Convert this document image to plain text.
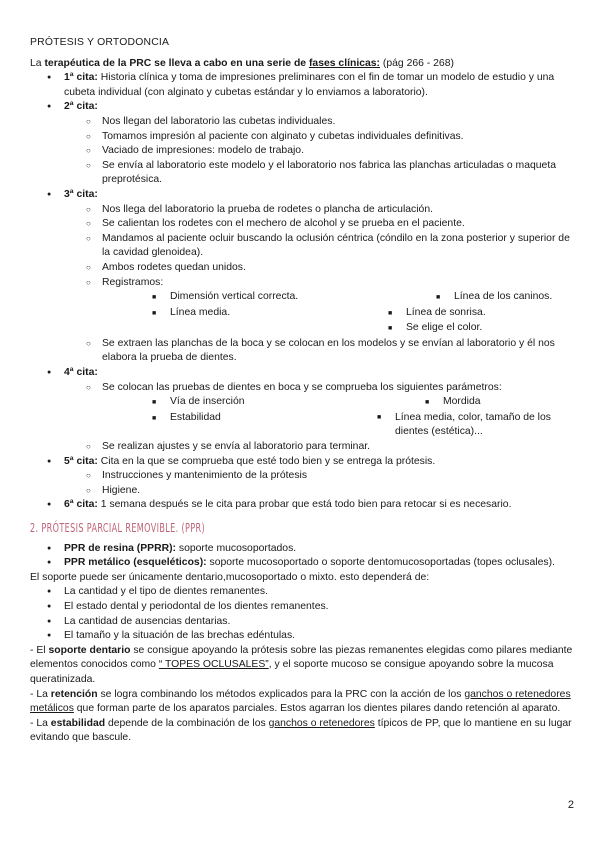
PRÓTESIS Y ORTODONCIA

La terapéutica de la PRC se lleva a cabo en una serie de fases clínicas: (pág 266 - 268)

● 1ª cita: Historia clínica y toma de impresiones preliminares con el fin de tomar un modelo de estudio y una cubeta individual (con alginato y cubetas estándar y lo enviamos a laboratorio).
● 2ª cita:
○ Nos llegan del laboratorio las cubetas individuales.
○ Tomamos impresión al paciente con alginato y cubetas individuales definitivas.
○ Vaciado de impresiones: modelo de trabajo.
○ Se envía al laboratorio este modelo y el laboratorio nos fabrica las planchas articuladas o maqueta preprotésica.
● 3ª cita:
○ Nos llega del laboratorio la prueba de rodetes o plancha de articulación.
○ Se calientan los rodetes con el mechero de alcohol y se prueba en el paciente.
○ Mandamos al paciente ocluir buscando la oclusión céntrica (cóndilo en la zona posterior y superior de la cavidad glenoidea).
○ Ambos rodetes quedan unidos.
○ Registramos:
■ Dimensión vertical correcta.
■ Línea media.
■ Línea de los caninos.
■ Línea de sonrisa.
■ Se elige el color.
○ Se extraen las planchas de la boca y se colocan en los modelos y se envían al laboratorio y él nos elabora la prueba de dientes.
● 4ª cita:
○ Se colocan las pruebas de dientes en boca y se comprueba los siguientes parámetros:
■ Vía de inserción
■ Estabilidad
■ Mordida
■	Línea media, color, tamaño de los dientes (estética)...
○ Se realizan ajustes y se envía al laboratorio para terminar.
● 5ª cita: Cita en la que se comprueba que esté todo bien y se entrega la prótesis.
○ Instrucciones y mantenimiento de la prótesis
○ Higiene.
● 6ª cita: 1 semana después se le cita para probar que está todo bien para retocar si es necesario.
2. PRÓTESIS PARCIAL REMOVIBLE. (PPR)
● PPR de resina (PPRR): soporte mucosoportados.
● PPR metálico (esqueléticos): soporte mucosoportado o soporte dentomucosoportadas (topes oclusales).

El soporte puede ser únicamente dentario,mucosoportado o mixto. esto dependerá de:

● La cantidad y el tipo de dientes remanentes.
● El estado dental y periodontal de los dientes remanentes.
● La cantidad de ausencias dentarias.
● El tamaño y la situación de las brechas edéntulas.

- El soporte dentario se consigue apoyando la prótesis sobre las piezas remanentes elegidas como pilares mediante elementos conocidos como “ TOPES OCLUSALES”, y el soporte mucoso se consigue apoyando sobre la mucosa queratinizada.

- La retención se logra combinando los métodos explicados para la PRC con la acción de los ganchos o retenedores metálicos que forman parte de los aparatos parciales. Estos agarran los dientes pilares dando retención al aparato.

- La estabilidad depende de la combinación de los ganchos o retenedores típicos de PP, que lo mantiene en su lugar evitando que bascule.

2
